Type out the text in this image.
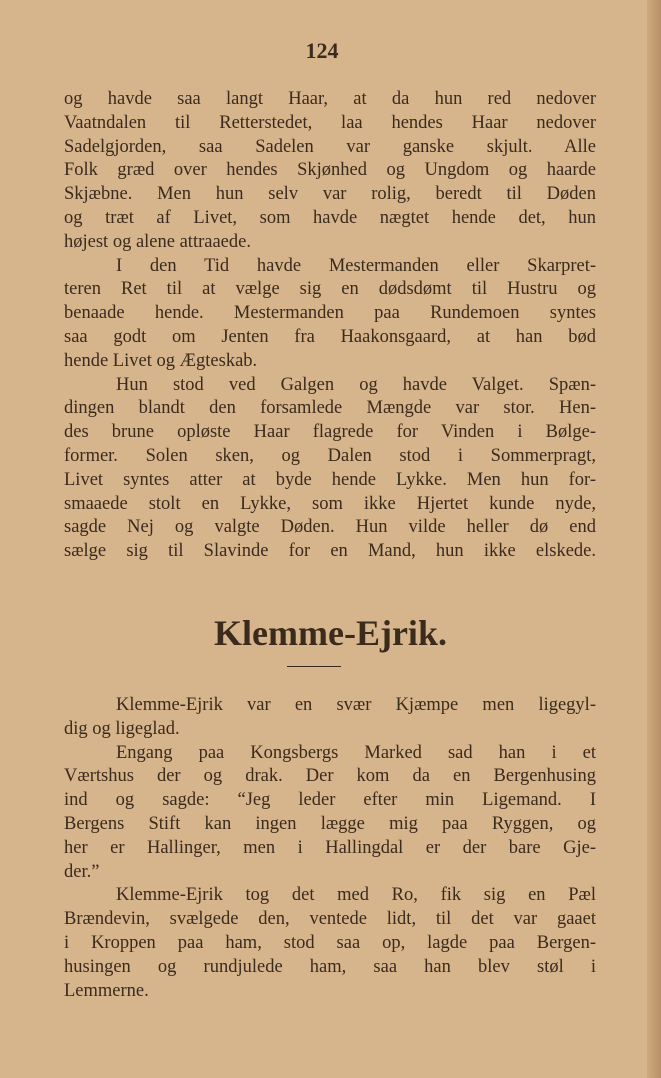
124
og havde saa langt Haar, at da hun red nedover
Vaatndalen til Retterstedet, laa hendes Haar nedover
Sadelgjorden, saa Sadelen var ganske skjult. Alle
Folk græd over hendes Skjønhed og Ungdom og haarde
Skjæbne. Men hun selv var rolig, beredt til Døden
og træt af Livet, som havde nægtet hende det, hun
højest og alene attraaede.
I den Tid havde Mestermanden eller Skarpret-
teren Ret til at vælge sig en dødsdømt til Hustru og
benaade hende. Mestermanden paa Rundemoen syntes
saa godt om Jenten fra Haakonsgaard, at han bød
hende Livet og Ægteskab.
Hun stod ved Galgen og havde Valget. Spæn-
dingen blandt den forsamlede Mængde var stor. Hen-
des brune opløste Haar flagrede for Vinden i Bølge-
former. Solen sken, og Dalen stod i Sommerpragt,
Livet syntes atter at byde hende Lykke. Men hun for-
smaaede stolt en Lykke, som ikke Hjertet kunde nyde,
sagde Nej og valgte Døden. Hun vilde heller dø end
sælge sig til Slavinde for en Mand, hun ikke elskede.
Klemme-Ejrik.
Klemme-Ejrik var en svær Kjæmpe men ligegyl-
dig og ligeglad.
Engang paa Kongsbergs Marked sad han i et
Værtshus der og drak. Der kom da en Bergenhusing
ind og sagde: “Jeg leder efter min Ligemand. I
Bergens Stift kan ingen lægge mig paa Ryggen, og
her er Hallinger, men i Hallingdal er der bare Gje-
der.”
Klemme-Ejrik tog det med Ro, fik sig en Pæl
Brændevin, svælgede den, ventede lidt, til det var gaaet
i Kroppen paa ham, stod saa op, lagde paa Bergen-
husingen og rundjulede ham, saa han blev støl i
Lemmerne.
